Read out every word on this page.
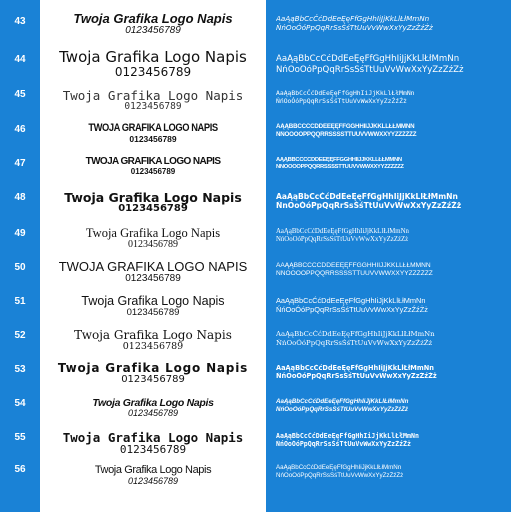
43	Twoja Grafika Logo Napis
0123456789
AaĄąBbCcĆćDdEeĘęFfGgHhIiJjKkLlŁłMmNn
ŃńOoÓóPpQqRrSsŚśTtUuVvWwXxYyZzŹźŻż
44	Twoja Grafika Logo Napis
0123456789
AaĄąBbCcĆćDdEeĘęFfGgHhIiJjKkLlŁłMmNn
ŃńOoÓóPpQqRrSsŚśTtUuVvWwXxYyZzŹźŻż
45	Twoja Grafika Logo Napis
0123456789
AaĄąBbCcĆćDdEeĘęFfGgHhIiJjKkLlŁłMmNn
ŃńOoÓóPpQqRrSsŚśTtUuVvWwXxYyZzŹźŻż
46	TWOJA GRAFIKA LOGO NAPIS
0123456789
AĄĄBBCCĆĆDDEEĘĘFFGGHHIIJJKKLLŁŁMMNN
ŃŃOOÓÓPPQQRRSSŚŚTTUUVVWWXXYYZZŹŹŻŻ
47	TWOJA GRAFIKA LOGO NAPIS
0123456789
AĄĄBBCCĆĆDDEEĘĘFFGGHHIIJJKKLLŁŁMMNN
ŃŃOOÓÓPPQQRRSSŚŚTTUUVVWWXXYYZZŹŹŻŻ
48	Twoja Grafika Logo Napis
0123456789
AaĄąBbCcĆćDdEeĘęFfGgHhIiJjKkLlŁłMmNn
ŃnOoÓóPpQqRrSsŚśTtUuVvWwXxYyZzŹźŻż
49	Twoja Grafika Logo Napis
0123456789
AaĄąBbCcĆćDdEeĘęFfGgHhIiJjKkLlŁłMmNn
ŃńOoÓóPpQqRrSsŚśTtUuVvWwXxYyZzŹźŻż
50	TWOJA GRAFIKA LOGO NAPIS
0123456789
AAĄĄBBCCĆĆDDEEĘĘFFGGHHIIJJKKLLŁŁMMNN
ŃŃOOÓÓPPQQRRSSŚŚTTUUVVWWXXYYZZŹŹŻŻ
51	Twoja Grafika Logo Napis
0123456789
AaĄąBbCcĆćDdEeĘęFfGgHhIiJjKkLlŁłMmNn
ŃńOoÓóPpQqRrSsŚśTtUuVvWwXxYyZzŹźŻż
52	Twoja Grafika Logo Napis
0123456789
AaĄąBbCcĆćDdEeĘęFfGgHhIiJjKkLlŁłMmNn
ŃńOoÓóPpQqRrSsŚśTtUuVvWwXxYyZzŹźŻż
53	Twoja Grafika Logo Napis
0123456789
AaĄąBbCcĆćDdEeĘęFfGgHhIiJjKkLlŁłMmNn
ŃńOoÓóPpQqRrSsŚśTtUuVvWwXxYyZzŹźŻż
54	Twoja Grafika Logo Napis
0123456789
AaĄąBbCcĆćDdEeĘęFfGgHhIiJjKkLlŁłMmNn
ŃńOoÓóPpQqRrSsŚśTtUuVvWwXxYyZzŹźŻż
55	Twoja Grafika Logo Napis
0123456789
AaĄąBbCcĆćDdEeĘęFfGgHhIiJjKkLlŁłMmNn
ŃńOoÓóPpQqRrSsŚśTtUuVvWwXxYyZzŹźŻż
56	Twoja Grafika Logo Napis
0123456789
AaĄąBbCcĆćDdEeĘęFfGgHhIiJjKkLlŁłMmNn
ŃńOoÓóPpQqRrSsŚśTtUuVvWwXxYyZzŹźŻż
